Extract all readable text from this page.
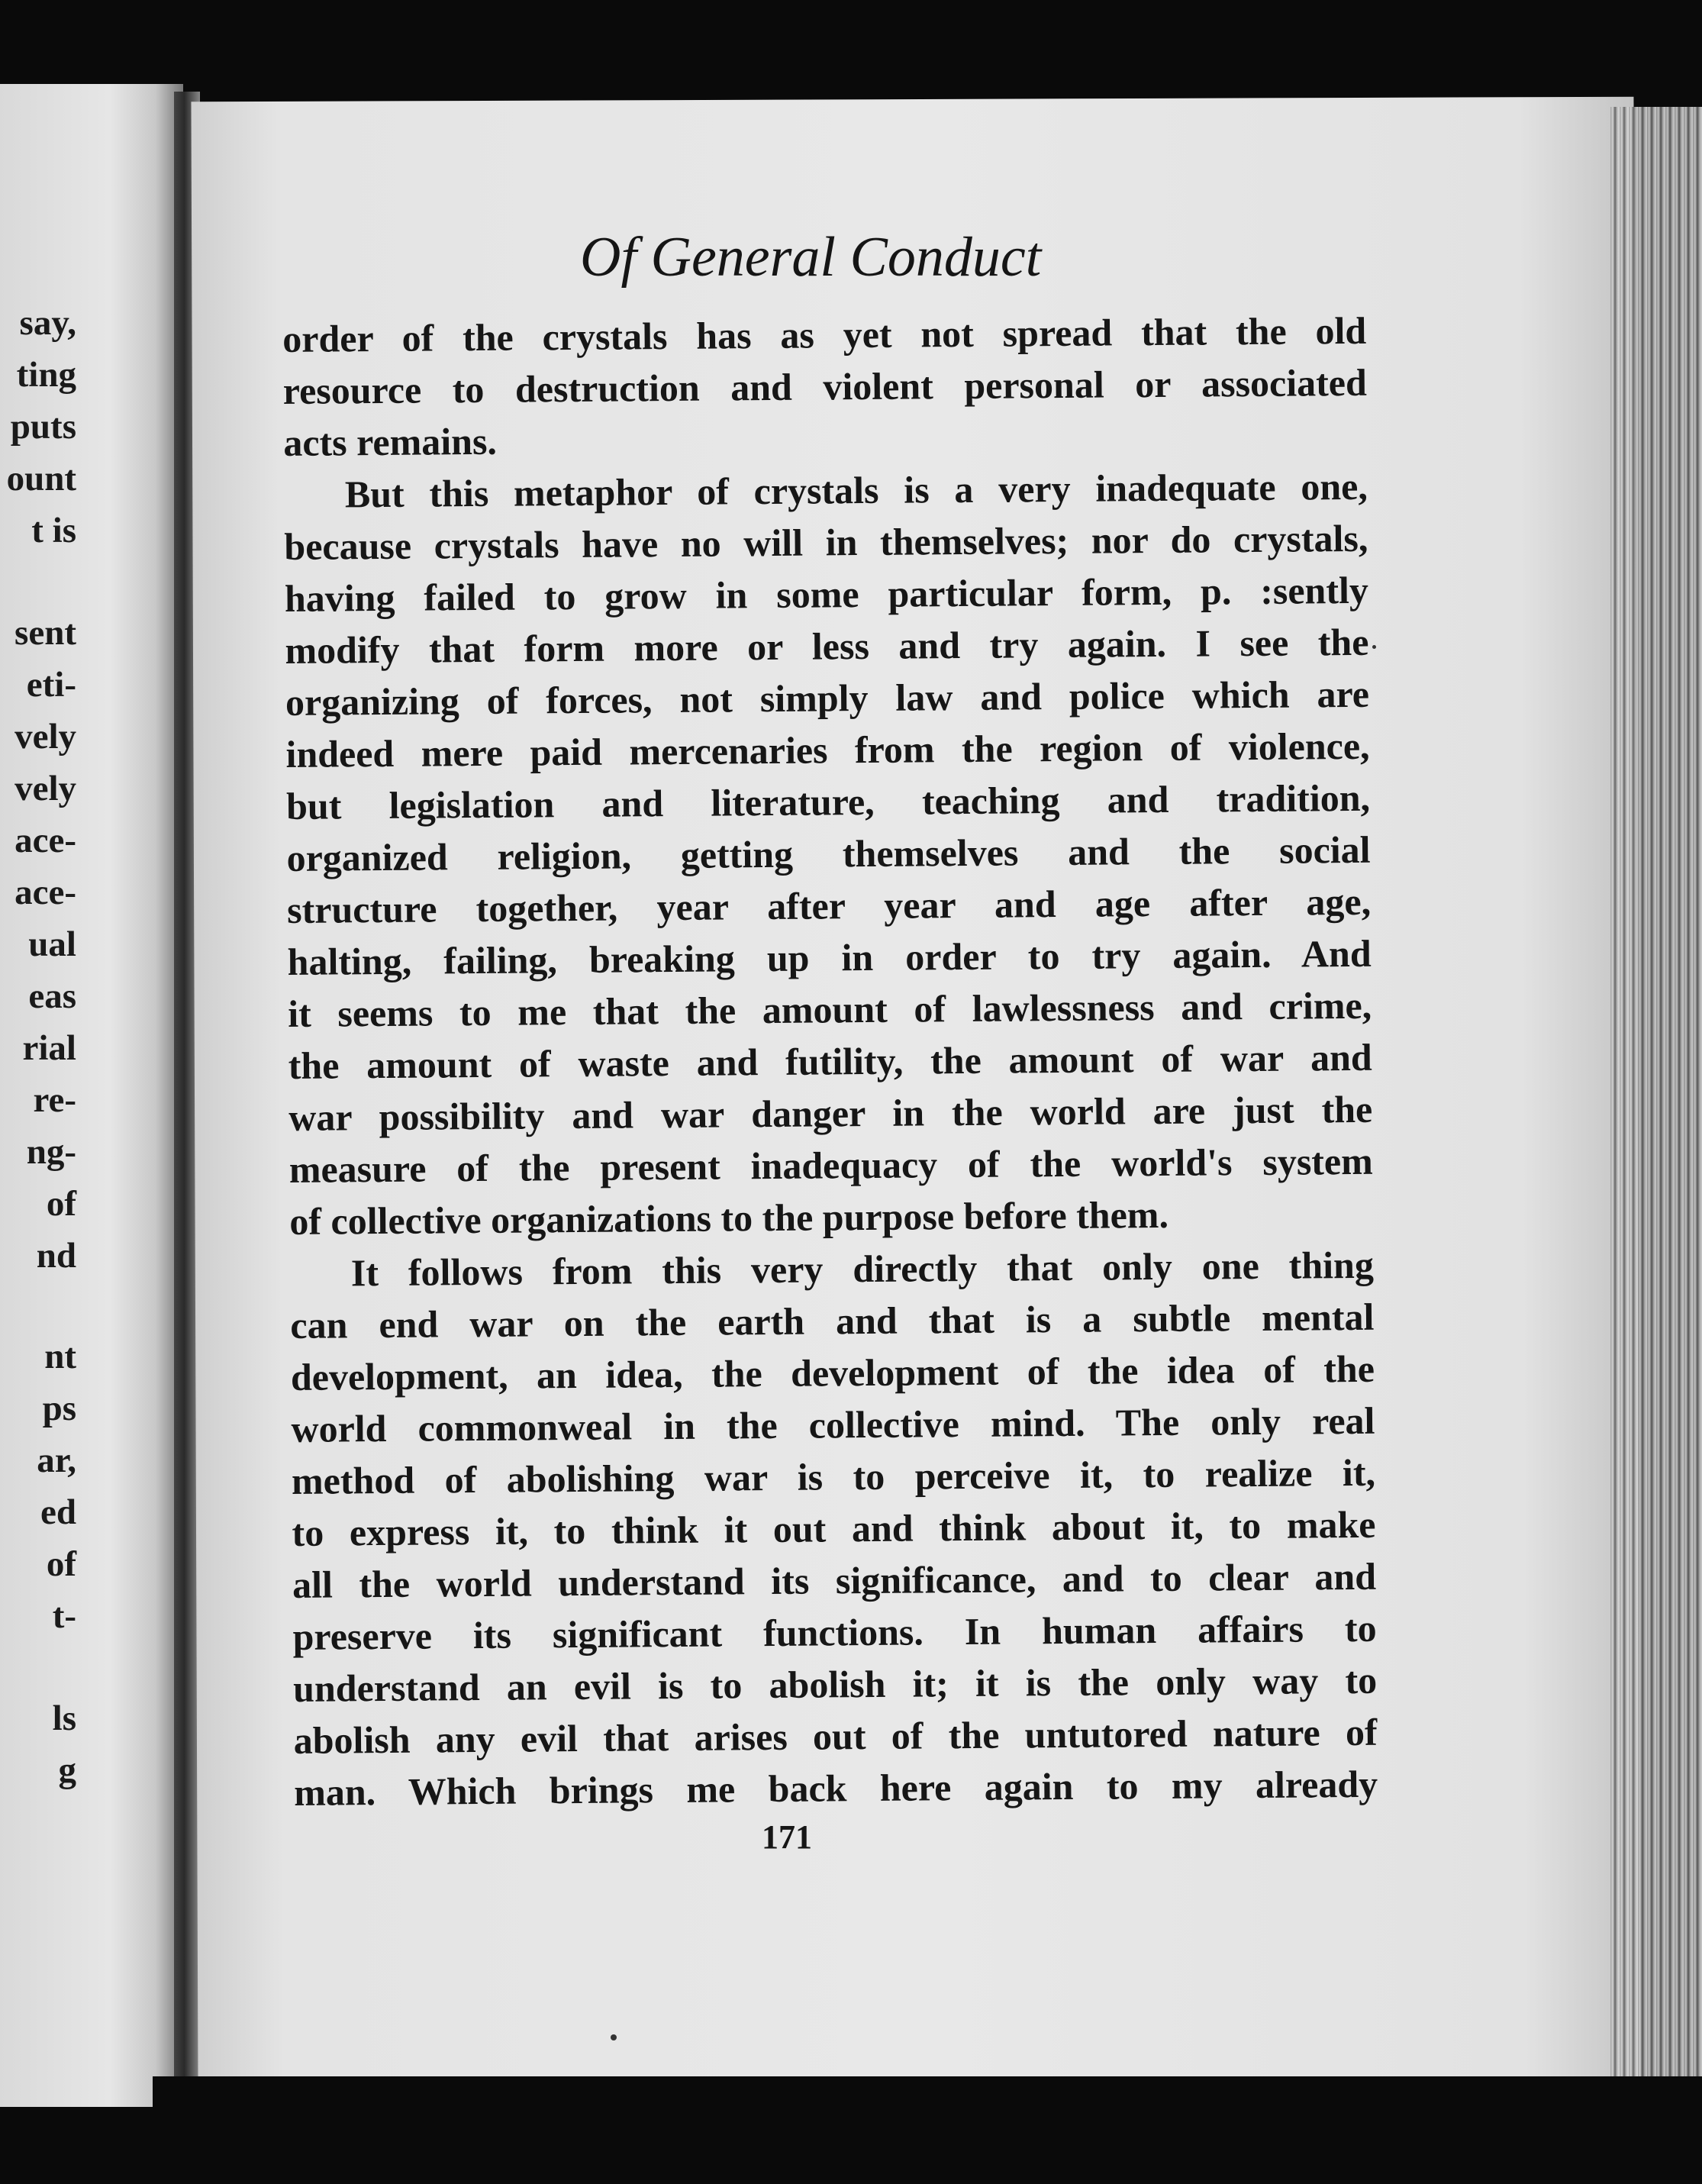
say,
ting
puts
ount
t is
sent
eti-
vely
vely
ace-
ace-
ual
eas
rial
re-
ng-
of
nd
nt
ps
ar,
ed
of
t-
ls
g
Of General Conduct
order of the crystals has as yet not spread that the old
resource to destruction and violent personal or associated
acts remains.
But this metaphor of crystals is a very inadequate one,
because crystals have no will in themselves; nor do crystals,
having failed to grow in some particular form, p. :sently
modify that form more or less and try again. I see the
organizing of forces, not simply law and police which are
indeed mere paid mercenaries from the region of violence,
but legislation and literature, teaching and tradition,
organized religion, getting themselves and the social
structure together, year after year and age after age,
halting, failing, breaking up in order to try again. And
it seems to me that the amount of lawlessness and crime,
the amount of waste and futility, the amount of war and
war possibility and war danger in the world are just the
measure of the present inadequacy of the world's system
of collective organizations to the purpose before them.
It follows from this very directly that only one thing
can end war on the earth and that is a subtle mental
development, an idea, the development of the idea of the
world commonweal in the collective mind. The only real
method of abolishing war is to perceive it, to realize it,
to express it, to think it out and think about it, to make
all the world understand its significance, and to clear and
preserve its significant functions. In human affairs to
understand an evil is to abolish it; it is the only way to
abolish any evil that arises out of the untutored nature of
man. Which brings me back here again to my already
171
